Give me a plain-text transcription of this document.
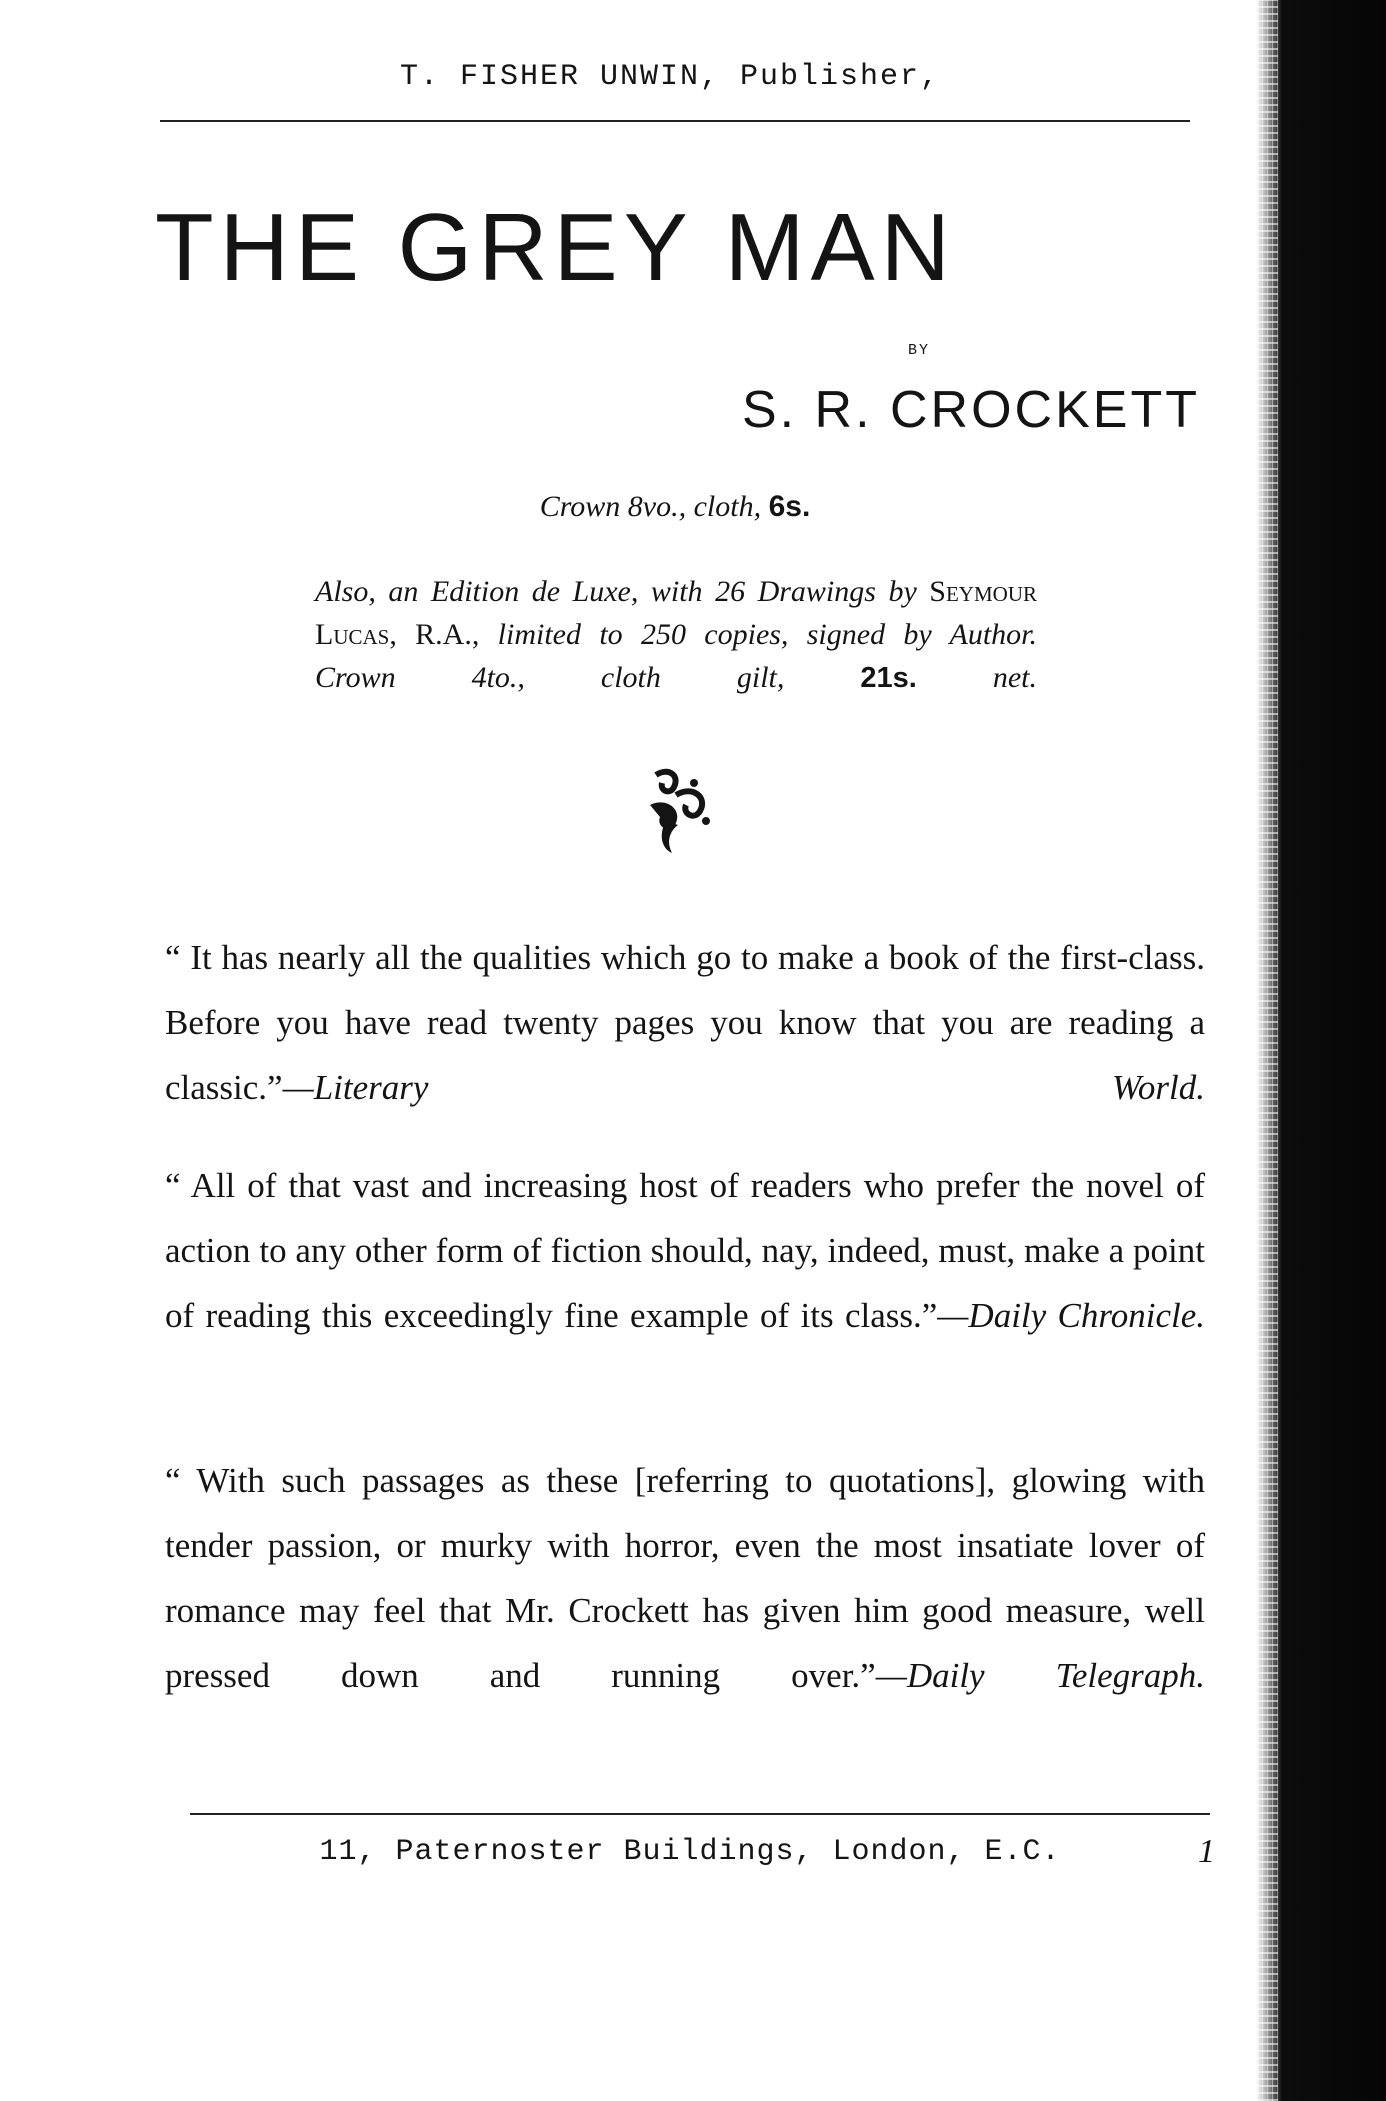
T. FISHER UNWIN, Publisher,
THE GREY MAN
BY
S. R. CROCKETT
Crown 8vo., cloth, 6s.
Also, an Edition de Luxe, with 26 Drawings by Seymour Lucas, R.A., limited to 250 copies, signed by Author. Crown 4to., cloth gilt,	21s.	net.

“ It has nearly all the qualities which go to make a book of the first-class. Before you have read twenty pages you know that you are reading a classic.”—Literary World.

“ All of that vast and increasing host of readers who prefer the novel of action to any other form of fiction should, nay, indeed, must, make a point of reading this exceedingly fine example of its class.”—Daily Chronicle.

“ With such passages as these [referring to quotations], glowing with tender passion, or murky with horror, even the most insatiate lover of romance may feel that Mr. Crockett has given him good measure, well pressed down and running over.”—Daily Telegraph.

11, Paternoster Buildings, London, E.C.	1
